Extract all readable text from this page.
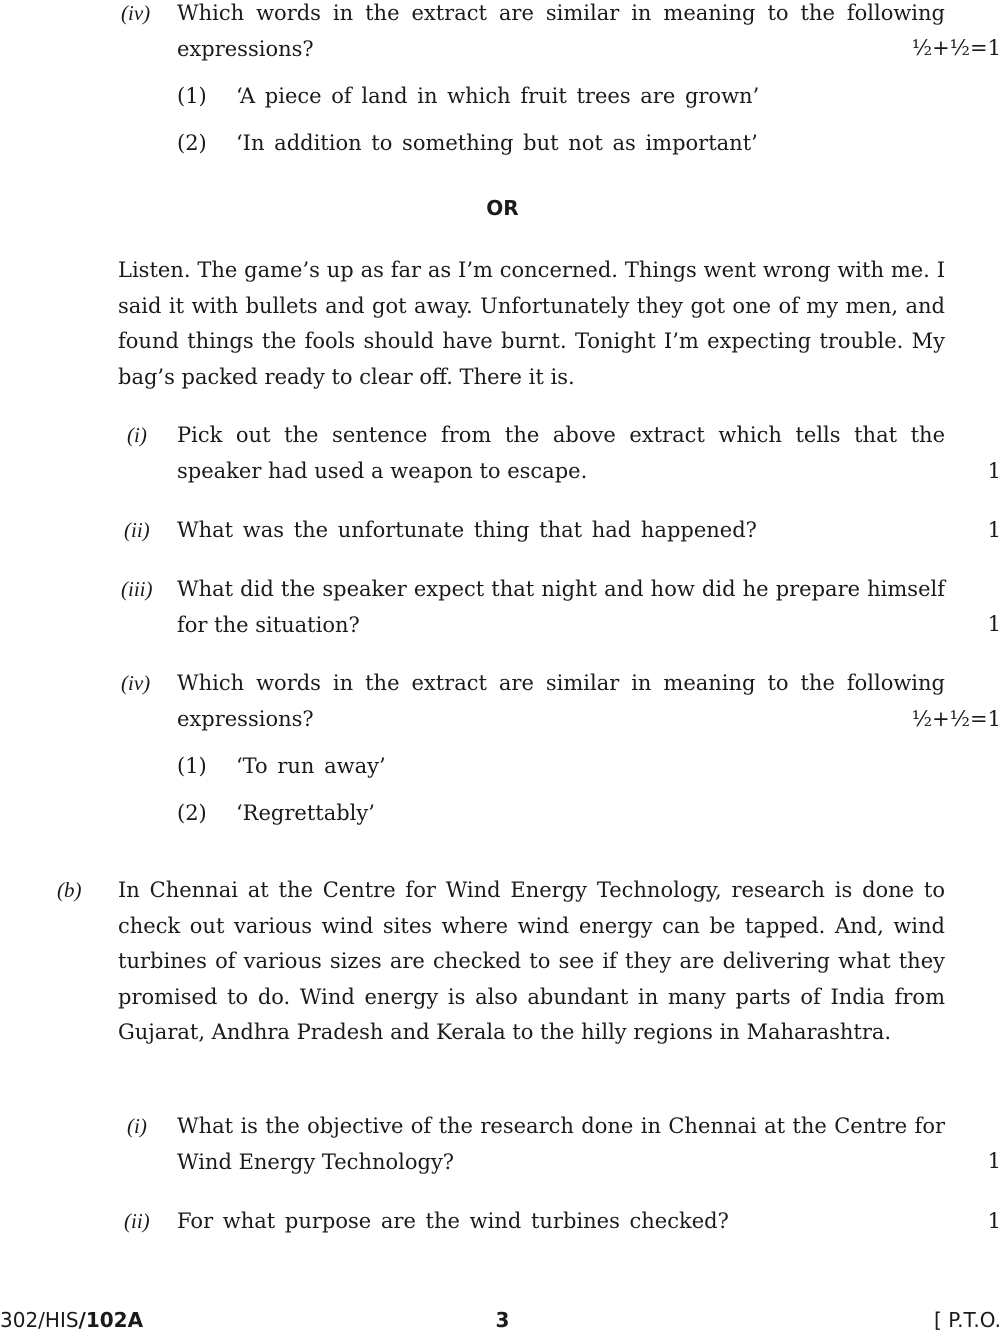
(iv) Which words in the extract are similar in meaning to the following expressions?	½+½=1
(1) ‘A piece of land in which fruit trees are grown’
(2) ‘In addition to something but not as important’
OR
Listen. The game’s up as far as I’m concerned. Things went wrong with me. I said it with bullets and got away. Unfortunately they got one of my men, and found things the fools should have burnt. Tonight I’m expecting trouble. My bag’s packed ready to clear off. There it is.
(i) Pick out the sentence from the above extract which tells that the speaker had used a weapon to escape.	1
(ii) What was the unfortunate thing that had happened?	1
(iii) What did the speaker expect that night and how did he prepare himself for the situation?	1
(iv) Which words in the extract are similar in meaning to the following expressions?	½+½=1
(1) ‘To run away’
(2) ‘Regrettably’
(b) In Chennai at the Centre for Wind Energy Technology, research is done to check out various wind sites where wind energy can be tapped. And, wind turbines of various sizes are checked to see if they are delivering what they promised to do. Wind energy is also abundant in many parts of India from Gujarat, Andhra Pradesh and Kerala to the hilly regions in Maharashtra.
(i) What is the objective of the research done in Chennai at the Centre for Wind Energy Technology?	1
(ii) For what purpose are the wind turbines checked?	1
302/HIS/102A	3	[ P.T.O.
